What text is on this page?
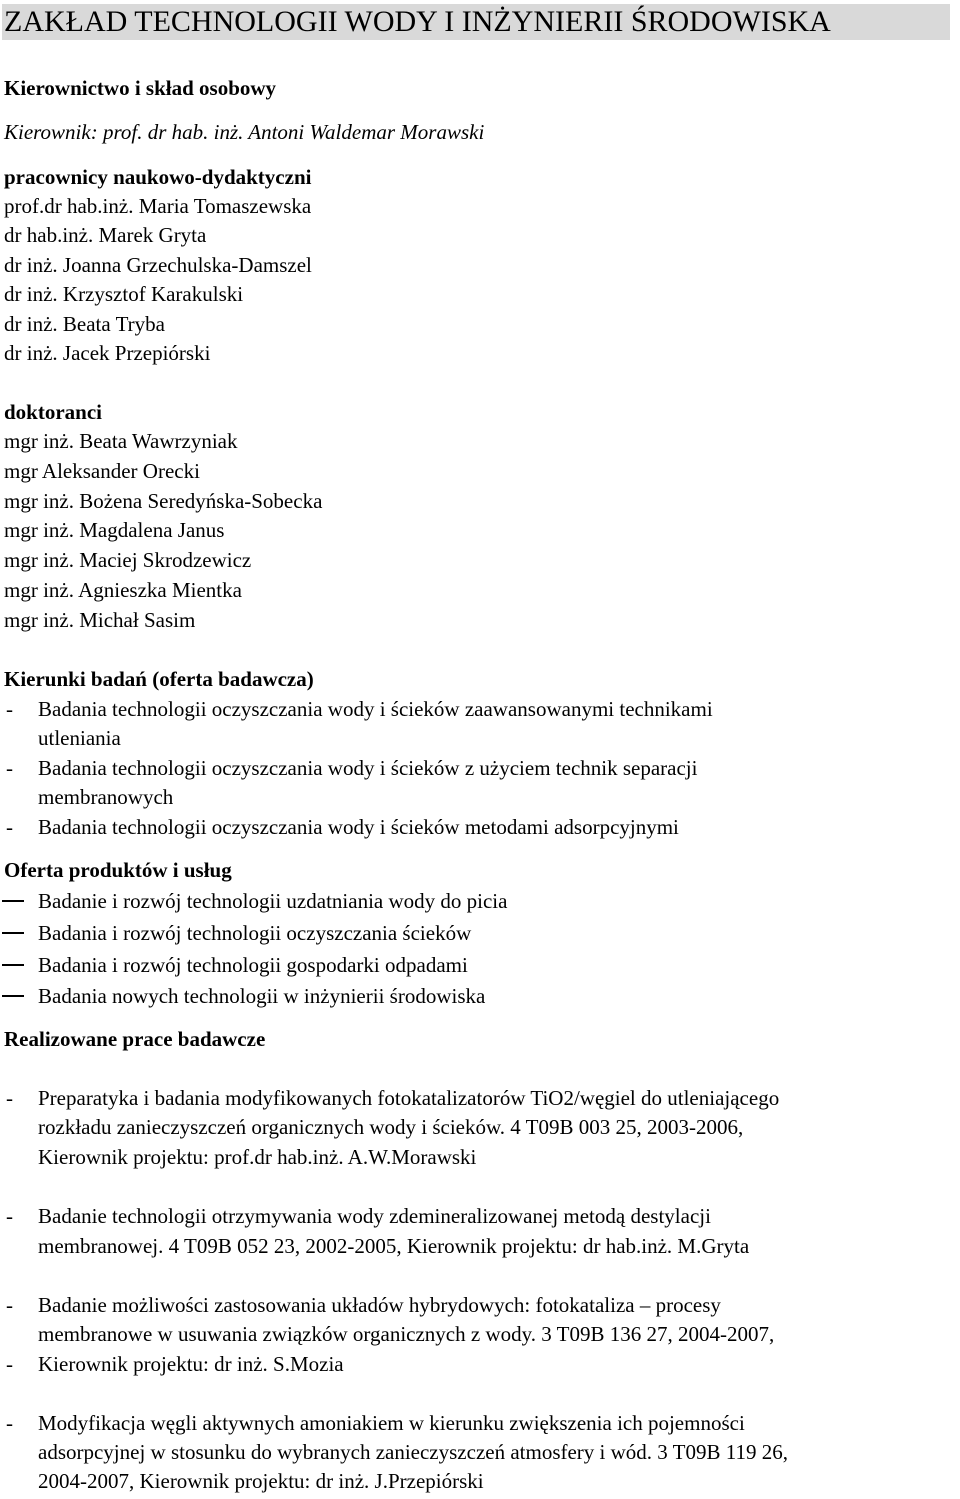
ZAKŁAD TECHNOLOGII WODY I INŻYNIERII ŚRODOWISKA
Kierownictwo i skład osobowy
Kierownik: prof. dr hab. inż. Antoni Waldemar Morawski
pracownicy naukowo-dydaktyczni
prof.dr hab.inż. Maria Tomaszewska
dr hab.inż. Marek Gryta
dr inż. Joanna Grzechulska-Damszel
dr inż. Krzysztof Karakulski
dr inż. Beata Tryba
dr inż. Jacek Przepiórski
doktoranci
mgr inż. Beata Wawrzyniak
mgr Aleksander Orecki
mgr inż. Bożena Seredyńska-Sobecka
mgr inż. Magdalena Janus
mgr inż. Maciej Skrodzewicz
mgr inż. Agnieszka Mientka
mgr inż. Michał Sasim
Kierunki badań (oferta badawcza)
- Badania technologii oczyszczania wody i ścieków zaawansowanymi technikami
utleniania
- Badania technologii oczyszczania wody i ścieków z użyciem technik separacji
membranowych
- Badania technologii oczyszczania wody i ścieków metodami adsorpcyjnymi
Oferta produktów i usług
Badanie i rozwój technologii uzdatniania wody do picia
Badania i rozwój technologii oczyszczania ścieków
Badania i rozwój technologii gospodarki odpadami
Badania nowych technologii w inżynierii środowiska
Realizowane prace badawcze
- Preparatyka i badania modyfikowanych fotokatalizatorów TiO2/węgiel do utleniającego
rozkładu zanieczyszczeń organicznych wody i ścieków. 4 T09B 003 25, 2003-2006,
Kierownik projektu: prof.dr hab.inż. A.W.Morawski
- Badanie technologii otrzymywania wody zdemineralizowanej metodą destylacji
membranowej. 4 T09B 052 23, 2002-2005, Kierownik projektu: dr hab.inż. M.Gryta
- Badanie możliwości zastosowania układów hybrydowych: fotokataliza – procesy
membranowe w usuwania związków organicznych z wody. 3 T09B 136 27, 2004-2007,
- Kierownik projektu: dr inż. S.Mozia
- Modyfikacja węgli aktywnych amoniakiem w kierunku zwiększenia ich pojemności
adsorpcyjnej w stosunku do wybranych zanieczyszczeń atmosfery i wód. 3 T09B 119 26,
2004-2007, Kierownik projektu: dr inż. J.Przepiórski
